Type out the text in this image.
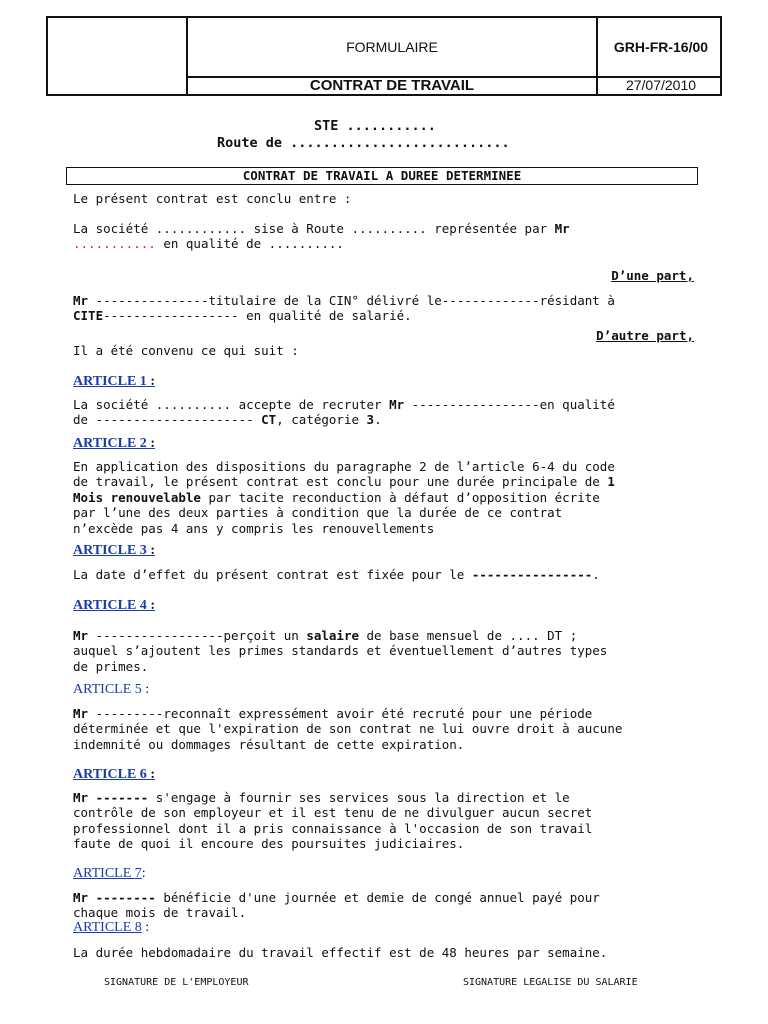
FORMULAIRE	GRH-FR-16/00
CONTRAT DE TRAVAIL	27/07/2010
STE ...........
Route de ...........................
CONTRAT DE TRAVAIL A DUREE DETERMINEE
Le présent contrat est conclu entre :
La société ............ sise à Route .......... représentée par Mr
........... en qualité de ..........
D’une part,
Mr ---------------titulaire de la CIN° délivré le-------------résidant à
CITE------------------ en qualité de salarié.
D’autre part,
Il a été convenu ce qui suit :
ARTICLE 1 :
La société .......... accepte de recruter Mr -----------------en qualité
de --------------------- CT, catégorie 3.
ARTICLE 2 :
En application des dispositions du paragraphe 2 de l’article 6-4 du code
de travail, le présent contrat est conclu pour une durée principale de 1
Mois renouvelable par tacite reconduction à défaut d’opposition écrite
par l’une des deux parties à condition que la durée de ce contrat
n’excède pas 4 ans y compris les renouvellements
ARTICLE 3 :
La date d’effet du présent contrat est fixée pour le ----------------.
ARTICLE 4 :
Mr -----------------perçoit un salaire de base mensuel de .... DT ;
auquel s’ajoutent les primes standards et éventuellement d’autres types
de primes.
ARTICLE 5 :
Mr ---------reconnaît expressément avoir été recruté pour une période
déterminée et que l'expiration de son contrat ne lui ouvre droit à aucune
indemnité ou dommages résultant de cette expiration.
ARTICLE 6 :
Mr ------- s'engage à fournir ses services sous la direction et le
contrôle de son employeur et il est tenu de ne divulguer aucun secret
professionnel dont il a pris connaissance à l'occasion de son travail
faute de quoi il encoure des poursuites judiciaires.
ARTICLE 7:
Mr -------- bénéficie d'une journée et demie de congé annuel payé pour
chaque mois de travail.
ARTICLE 8 :
La durée hebdomadaire du travail effectif est de 48 heures par semaine.
SIGNATURE DE L'EMPLOYEUR	SIGNATURE LEGALISE DU SALARIE
